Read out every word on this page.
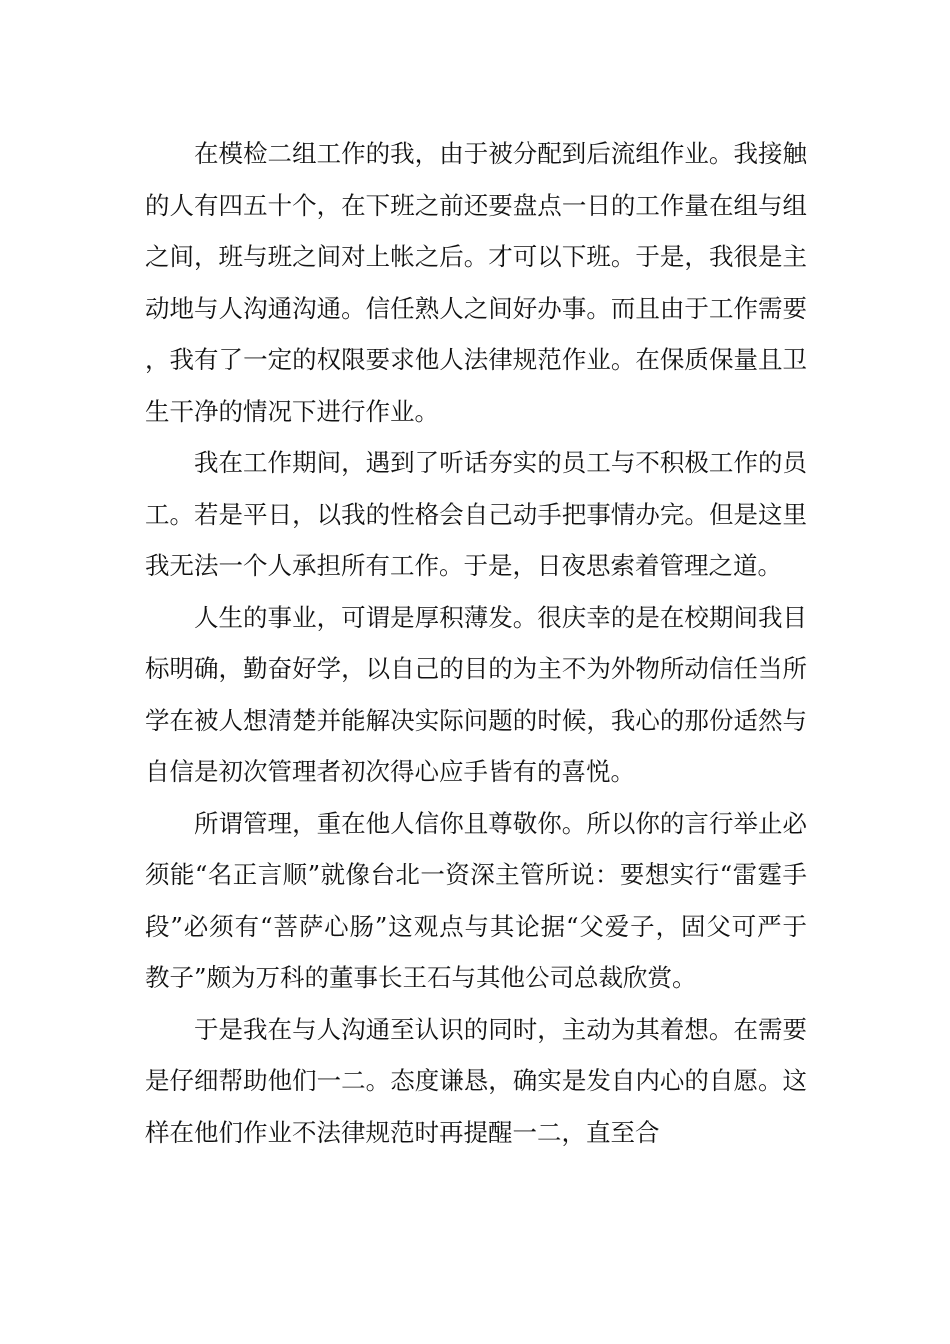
在模检二组工作的我，由于被分配到后流组作业。我接触的人有四五十个，在下班之前还要盘点一日的工作量在组与组之间，班与班之间对上帐之后。才可以下班。于是，我很是主动地与人沟通沟通。信任熟人之间好办事。而且由于工作需要，我有了一定的权限要求他人法律规范作业。在保质保量且卫生干净的情况下进行作业。

我在工作期间，遇到了听话夯实的员工与不积极工作的员工。若是平日，以我的性格会自己动手把事情办完。但是这里我无法一个人承担所有工作。于是，日夜思索着管理之道。

人生的事业，可谓是厚积薄发。很庆幸的是在校期间我目标明确，勤奋好学，以自己的目的为主不为外物所动信任当所学在被人想清楚并能解决实际问题的时候，我心的那份适然与自信是初次管理者初次得心应手皆有的喜悦。

所谓管理，重在他人信你且尊敬你。所以你的言行举止必须能“名正言顺”就像台北一资深主管所说：要想实行“雷霆手段”必须有“菩萨心肠”这观点与其论据“父爱子，固父可严于教子”颇为万科的董事长王石与其他公司总裁欣赏。

于是我在与人沟通至认识的同时，主动为其着想。在需要是仔细帮助他们一二。态度谦恳，确实是发自内心的自愿。这样在他们作业不法律规范时再提醒一二，直至合
